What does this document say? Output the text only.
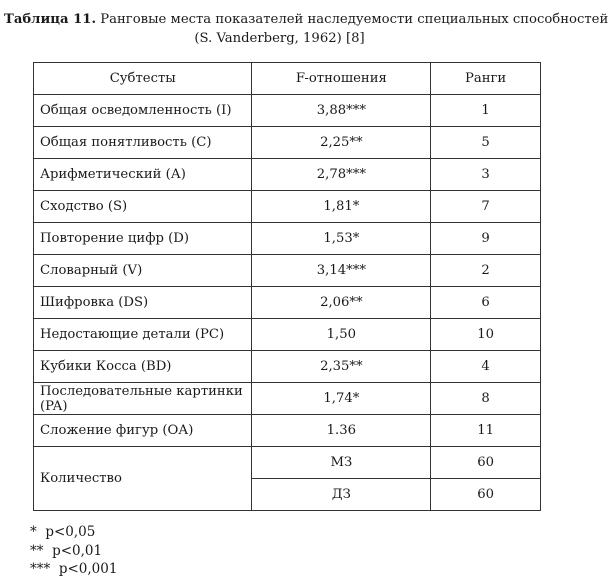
Таблица 11. Ранговые места показателей наследуемости специальных способностей
(S. Vanderberg, 1962) [8]
Субтесты	F-отношения	Ранги
Общая осведомленность (I)	3,88***	1
Общая понятливость (С)	2,25**	5
Арифметический (А)	2,78***	3
Сходство (S)	1,81*	7
Повторение цифр (D)	1,53*	9
Словарный (V)	3,14***	2
Шифровка (DS)	2,06**	6
Недостающие детали (PC)	1,50	10
Кубики Косса (BD)	2,35**	4
Последовательные картинки (PA)	1,74*	8
Сложение фигур (ОА)	1.36	11
Количество	МЗ	60
	ДЗ	60
*  р<0,05
**  р<0,01
***  р<0,001
